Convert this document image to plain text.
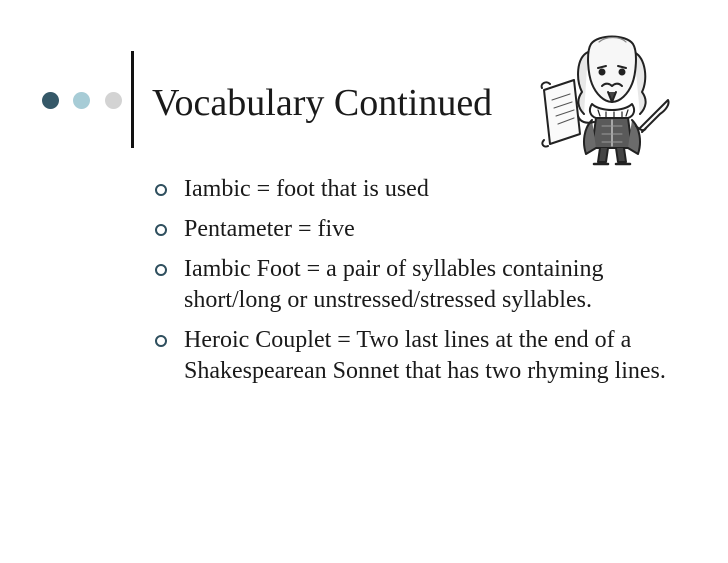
Vocabulary Continued
Iambic = foot that is used
Pentameter = five
Iambic Foot = a pair of syllables containing short/long or unstressed/stressed syllables.
Heroic Couplet = Two last lines at the end of a Shakespearean Sonnet that has two rhyming lines.
